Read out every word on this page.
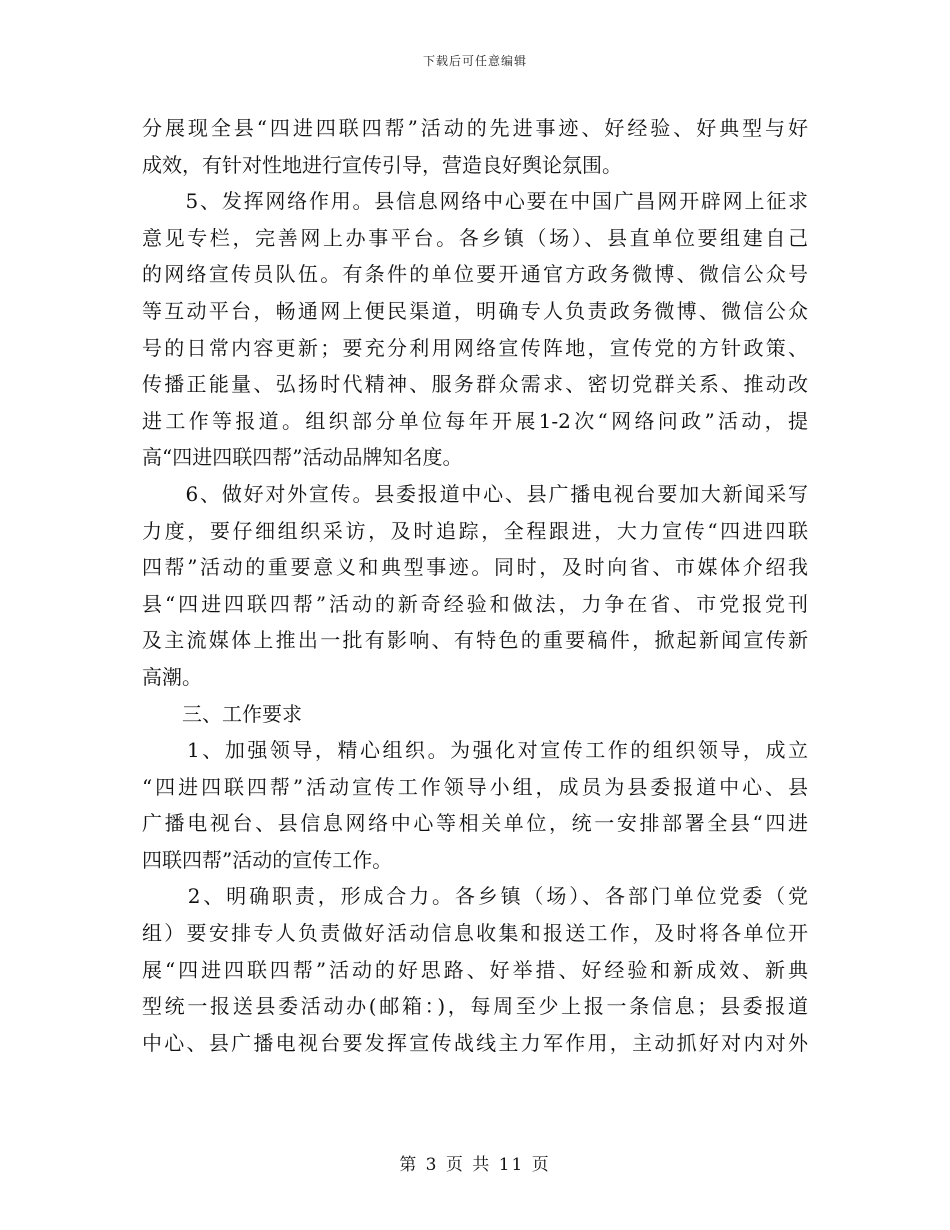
下载后可任意编辑
分展现全县“四进四联四帮”活动的先进事迹、好经验、好典型与好
成效，有针对性地进行宣传引导，营造良好舆论氛围。
　　5、发挥网络作用。县信息网络中心要在中国广昌网开辟网上征求
意见专栏，完善网上办事平台。各乡镇（场）、县直单位要组建自己
的网络宣传员队伍。有条件的单位要开通官方政务微博、微信公众号
等互动平台，畅通网上便民渠道，明确专人负责政务微博、微信公众
号的日常内容更新；要充分利用网络宣传阵地，宣传党的方针政策、
传播正能量、弘扬时代精神、服务群众需求、密切党群关系、推动改
进工作等报道。组织部分单位每年开展1-2次“网络问政”活动，提
高“四进四联四帮”活动品牌知名度。
　　6、做好对外宣传。县委报道中心、县广播电视台要加大新闻采写
力度，要仔细组织采访，及时追踪，全程跟进，大力宣传“四进四联
四帮”活动的重要意义和典型事迹。同时，及时向省、市媒体介绍我
县“四进四联四帮”活动的新奇经验和做法，力争在省、市党报党刊
及主流媒体上推出一批有影响、有特色的重要稿件，掀起新闻宣传新
高潮。
　　三、工作要求
　　1、加强领导，精心组织。为强化对宣传工作的组织领导，成立
“四进四联四帮”活动宣传工作领导小组，成员为县委报道中心、县
广播电视台、县信息网络中心等相关单位，统一安排部署全县“四进
四联四帮”活动的宣传工作。
　　2、明确职责，形成合力。各乡镇（场）、各部门单位党委（党
组）要安排专人负责做好活动信息收集和报送工作，及时将各单位开
展“四进四联四帮”活动的好思路、好举措、好经验和新成效、新典
型统一报送县委活动办(邮箱：)，每周至少上报一条信息；县委报道
中心、县广播电视台要发挥宣传战线主力军作用，主动抓好对内对外
第 3 页 共 11 页
